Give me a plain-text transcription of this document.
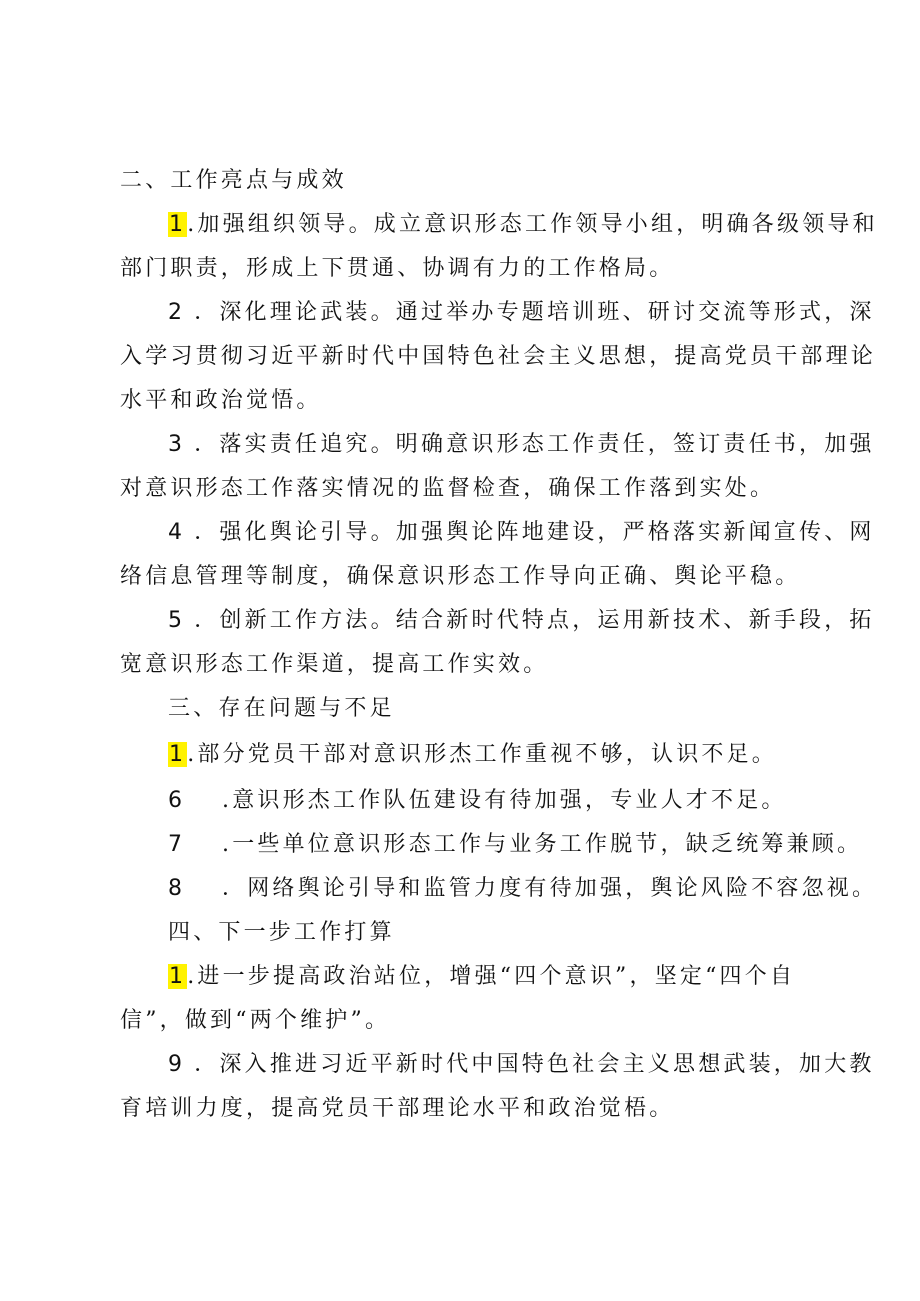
二、工作亮点与成效
1.加强组织领导。成立意识形态工作领导小组，明确各级领导和
部门职责，形成上下贯通、协调有力的工作格局。
2 ．深化理论武装。通过举办专题培训班、研讨交流等形式，深
入学习贯彻习近平新时代中国特色社会主义思想，提高党员干部理论
水平和政治觉悟。
3 ．落实责任追究。明确意识形态工作责任，签订责任书，加强
对意识形态工作落实情况的监督检查，确保工作落到实处。
4 ．强化舆论引导。加强舆论阵地建设，严格落实新闻宣传、网
络信息管理等制度，确保意识形态工作导向正确、舆论平稳。
5 ．创新工作方法。结合新时代特点，运用新技术、新手段，拓
宽意识形态工作渠道，提高工作实效。
三、存在问题与不足
1.部分党员干部对意识形杰工作重视不够，认识不足。
6 .意识形杰工作队伍建设有待加强，专业人才不足。
7 .一些单位意识形态工作与业务工作脱节，缺乏统筹兼顾。
8 ．网络舆论引导和监管力度有待加强，舆论风险不容忽视。
四、下一步工作打算
1.进一步提高政治站位，增强“四个意识”，坚定“四个自
信”，做到“两个维护”。
9 ．深入推进习近平新时代中国特色社会主义思想武装，加大教
育培训力度，提高党员干部理论水平和政治觉梧。
